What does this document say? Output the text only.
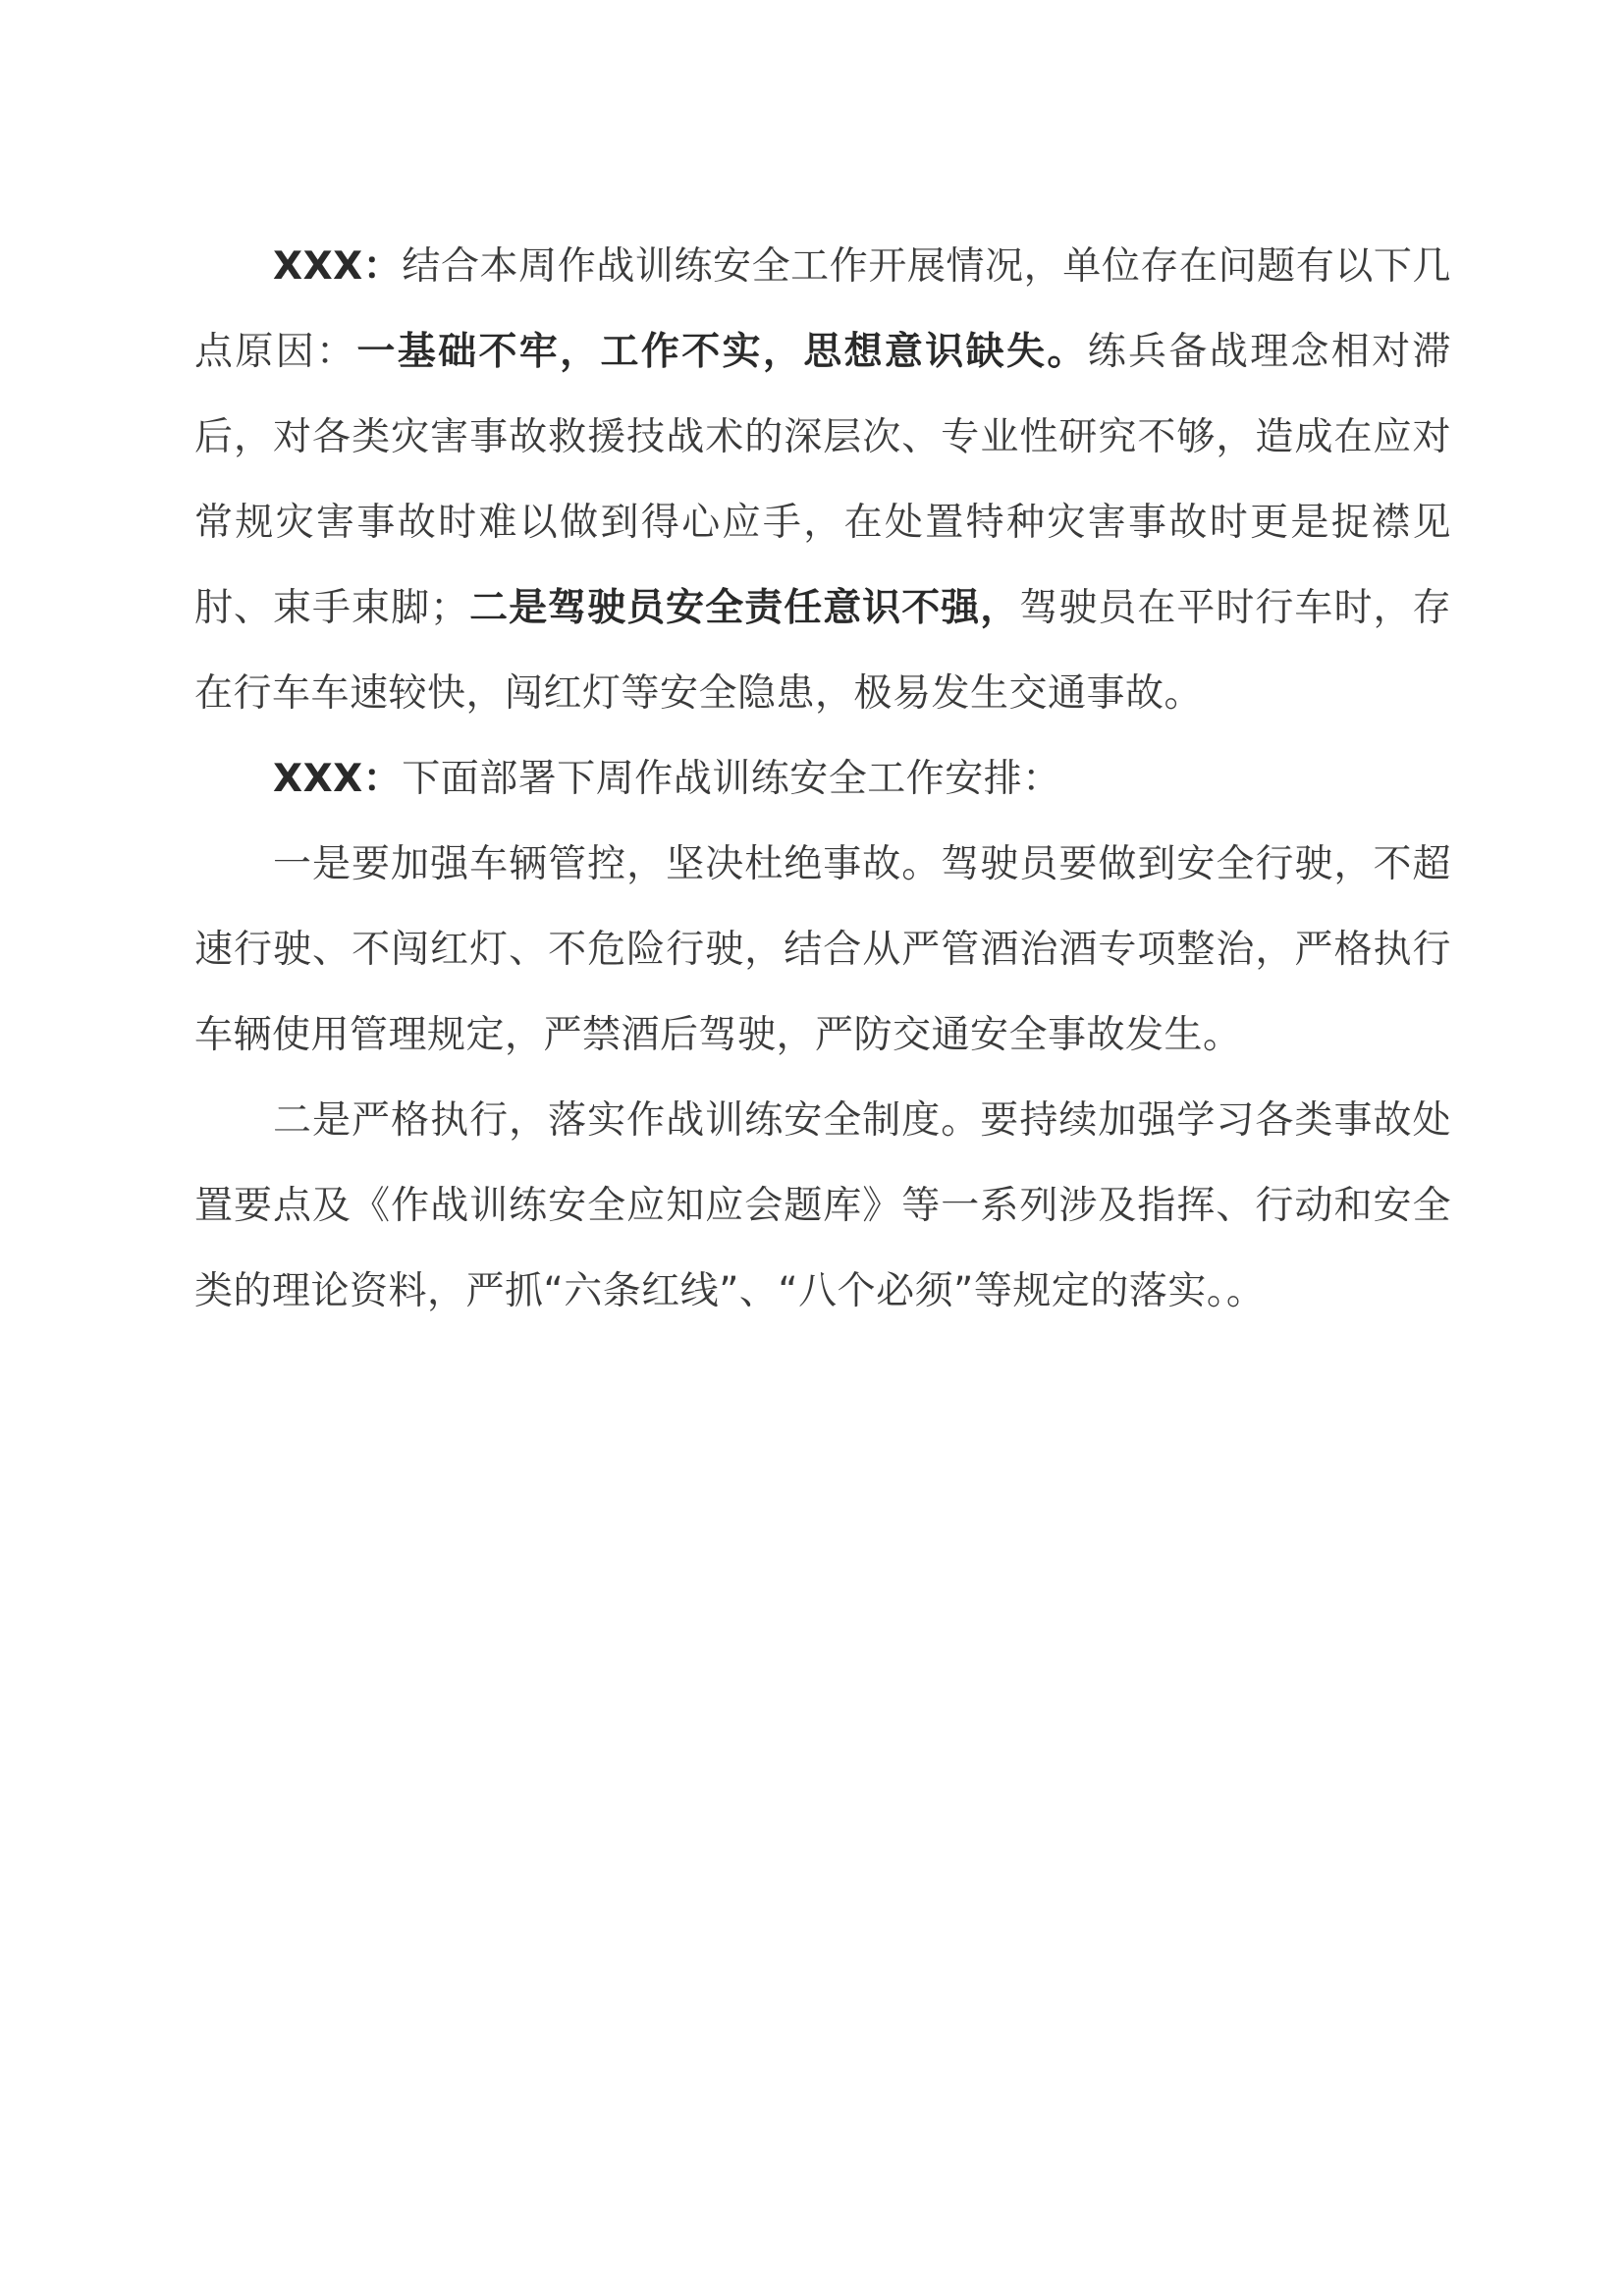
XXX：结合本周作战训练安全工作开展情况，单位存在问题有以下几点原因：一基础不牢，工作不实，思想意识缺失。练兵备战理念相对滞后，对各类灾害事故救援技战术的深层次、专业性研究不够，造成在应对常规灾害事故时难以做到得心应手，在处置特种灾害事故时更是捉襟见肘、束手束脚；二是驾驶员安全责任意识不强，驾驶员在平时行车时，存在行车车速较快，闯红灯等安全隐患，极易发生交通事故。

XXX：下面部署下周作战训练安全工作安排：

一是要加强车辆管控，坚决杜绝事故。驾驶员要做到安全行驶，不超速行驶、不闯红灯、不危险行驶，结合从严管酒治酒专项整治，严格执行车辆使用管理规定，严禁酒后驾驶，严防交通安全事故发生。

二是严格执行，落实作战训练安全制度。要持续加强学习各类事故处置要点及《作战训练安全应知应会题库》等一系列涉及指挥、行动和安全类的理论资料，严抓“六条红线”、“八个必须”等规定的落实。。
